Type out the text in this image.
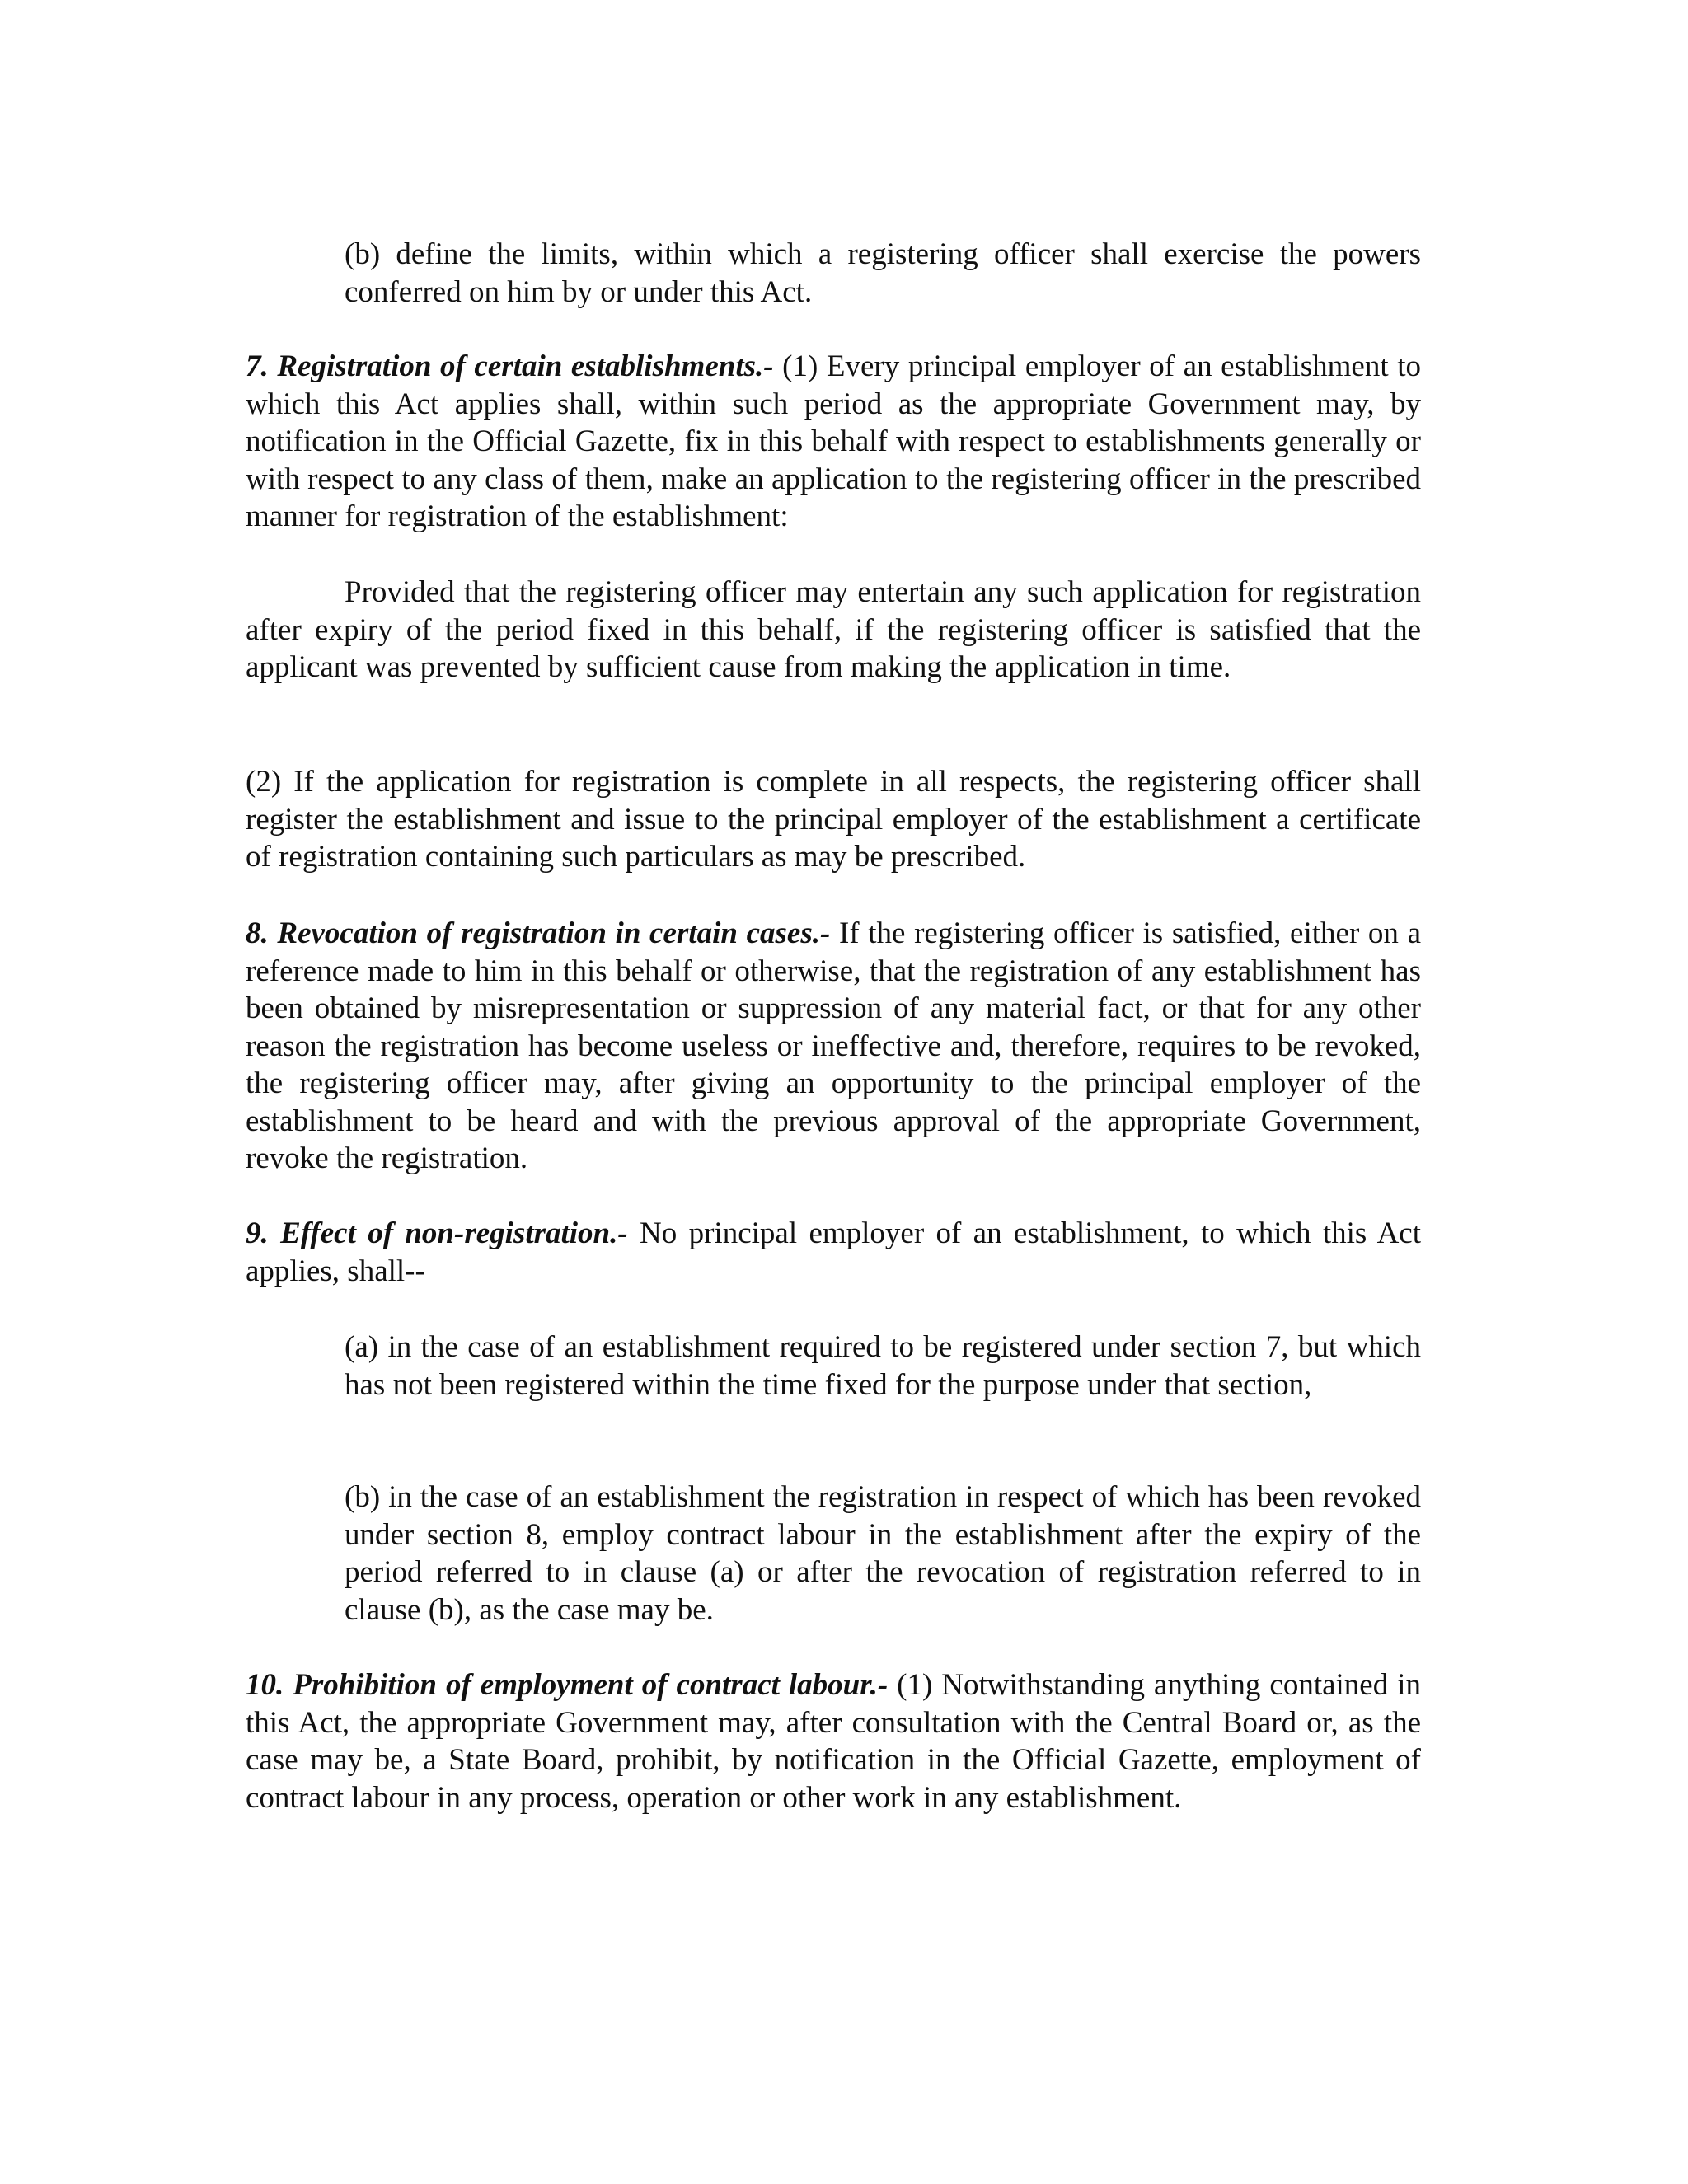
(b) define the limits, within which a registering officer shall exercise the powers conferred on him by or under this Act.

7. Registration of certain establishments.- (1) Every principal employer of an establishment to which this Act applies shall, within such period as the appropriate Government may, by notification in the Official Gazette, fix in this behalf with respect to establishments generally or with respect to any class of them, make an application to the registering officer in the prescribed manner for registration of the establishment:

Provided that the registering officer may entertain any such application for registration after expiry of the period fixed in this behalf, if the registering officer is satisfied that the applicant was prevented by sufficient cause from making the application in time.

(2) If the application for registration is complete in all respects, the registering officer shall register the establishment and issue to the principal employer of the establishment a certificate of registration containing such particulars as may be prescribed.

8. Revocation of registration in certain cases.- If the registering officer is satisfied, either on a reference made to him in this behalf or otherwise, that the registration of any establishment has been obtained by misrepresentation or suppression of any material fact, or that for any other reason the registration has become useless or ineffective and, therefore, requires to be revoked, the registering officer may, after giving an opportunity to the principal employer of the establishment to be heard and with the previous approval of the appropriate Government, revoke the registration.

9. Effect of non-registration.- No principal employer of an establishment, to which this Act applies, shall--

(a) in the case of an establishment required to be registered under section 7, but which has not been registered within the time fixed for the purpose under that section,

(b) in the case of an establishment the registration in respect of which has been revoked under section 8, employ contract labour in the establishment after the expiry of the period referred to in clause (a) or after the revocation of registration referred to in clause (b), as the case may be.

10. Prohibition of employment of contract labour.- (1) Notwithstanding anything contained in this Act, the appropriate Government may, after consultation with the Central Board or, as the case may be, a State Board, prohibit, by notification in the Official Gazette, employment of contract labour in any process, operation or other work in any establishment.
